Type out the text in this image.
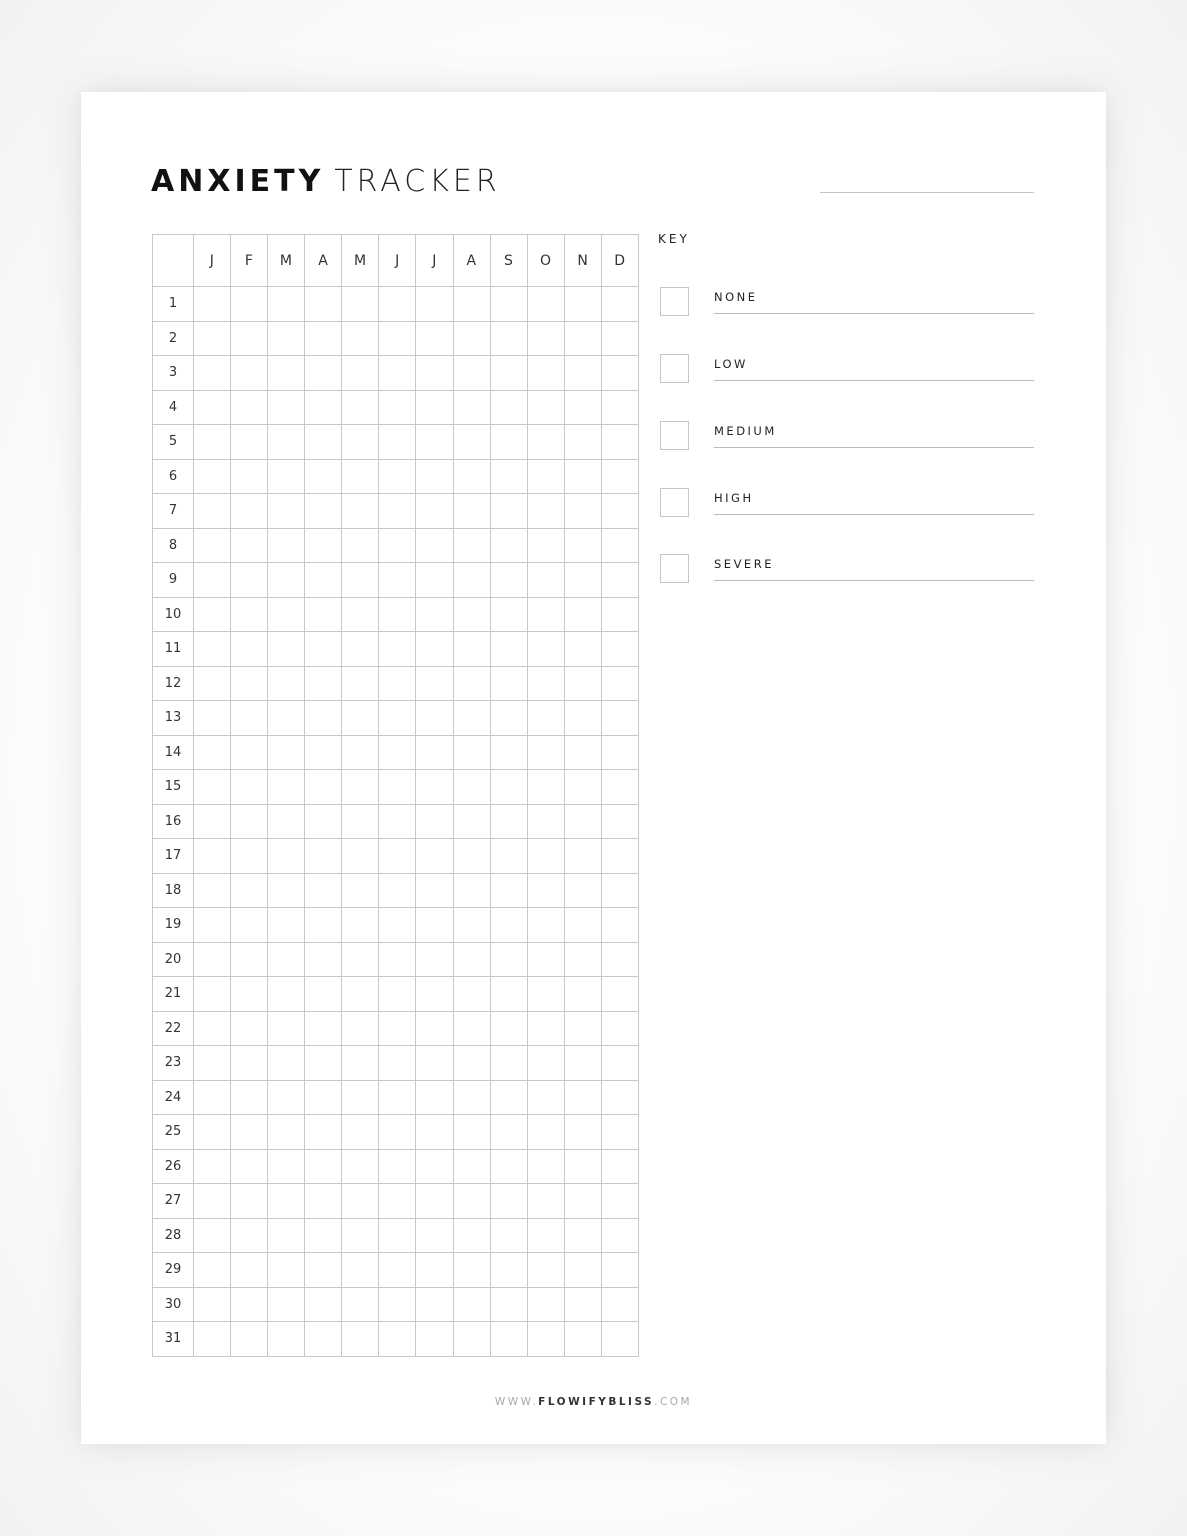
ANXIETY TRACKER
	J	F	M	A	M	J	J	A	S	O	N	D
1												
2												
3												
4												
5												
6												
7												
8												
9												
10												
11												
12												
13												
14												
15												
16												
17												
18												
19												
20												
21												
22												
23												
24												
25												
26												
27												
28												
29												
30												
31												
KEY
NONE
LOW
MEDIUM
HIGH
SEVERE
WWW.FLOWIFYBLISS.COM
